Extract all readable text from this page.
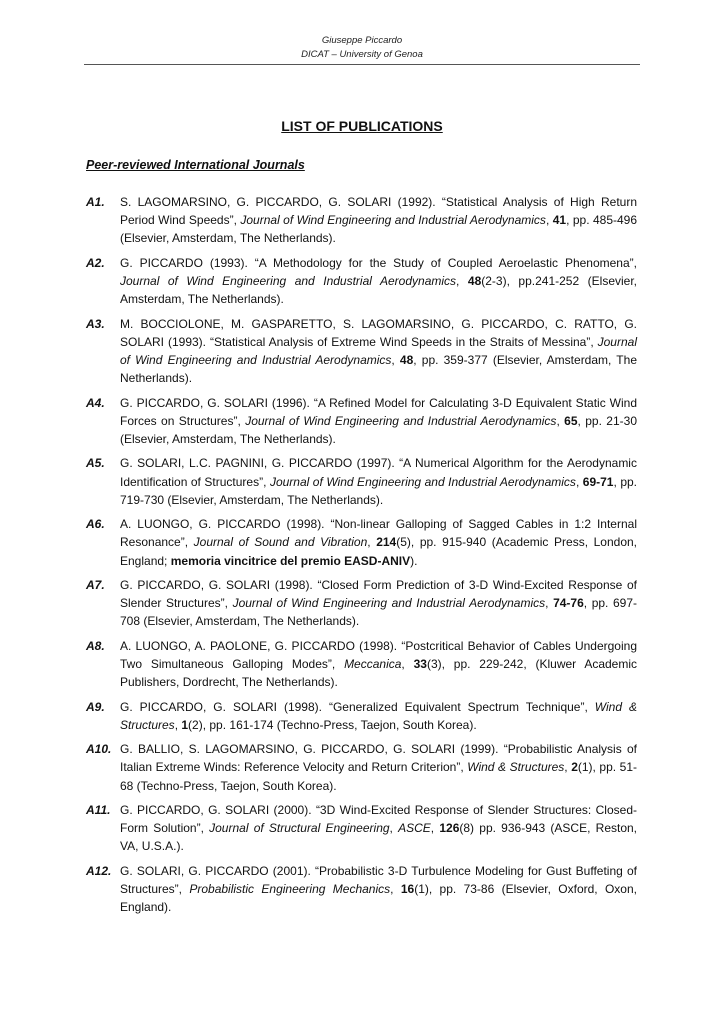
Giuseppe Piccardo
DICAT – University of Genoa
LIST OF PUBLICATIONS
Peer-reviewed International Journals
A1.	S. LAGOMARSINO, G. PICCARDO, G. SOLARI (1992). “Statistical Analysis of High Return Period Wind Speeds”, Journal of Wind Engineering and Industrial Aerodynamics, 41, pp. 485-496 (Elsevier, Amsterdam, The Netherlands).
A2.	G. PICCARDO (1993). “A Methodology for the Study of Coupled Aeroelastic Phenomena”, Journal of Wind Engineering and Industrial Aerodynamics, 48(2-3), pp.241-252 (Elsevier, Amsterdam, The Netherlands).
A3.	M. BOCCIOLONE, M. GASPARETTO, S. LAGOMARSINO, G. PICCARDO, C. RATTO, G. SOLARI (1993). “Statistical Analysis of Extreme Wind Speeds in the Straits of Messina”, Journal of Wind Engineering and Industrial Aerodynamics, 48, pp. 359-377 (Elsevier, Amsterdam, The Netherlands).
A4.	G. PICCARDO, G. SOLARI (1996). “A Refined Model for Calculating 3-D Equivalent Static Wind Forces on Structures”, Journal of Wind Engineering and Industrial Aerodynamics, 65, pp. 21-30 (Elsevier, Amsterdam, The Netherlands).
A5.	G. SOLARI, L.C. PAGNINI, G. PICCARDO (1997). “A Numerical Algorithm for the Aerodynamic Identification of Structures”, Journal of Wind Engineering and Industrial Aerodynamics, 69-71, pp. 719-730 (Elsevier, Amsterdam, The Netherlands).
A6.	A. LUONGO, G. PICCARDO (1998). “Non-linear Galloping of Sagged Cables in 1:2 Internal Resonance”, Journal of Sound and Vibration, 214(5), pp. 915-940 (Academic Press, London, England; memoria vincitrice del premio EASD-ANIV).
A7.	G. PICCARDO, G. SOLARI (1998). “Closed Form Prediction of 3-D Wind-Excited Response of Slender Structures”, Journal of Wind Engineering and Industrial Aerodynamics, 74-76, pp. 697-708 (Elsevier, Amsterdam, The Netherlands).
A8.	A. LUONGO, A. PAOLONE, G. PICCARDO (1998). “Postcritical Behavior of Cables Undergoing Two Simultaneous Galloping Modes”, Meccanica, 33(3), pp. 229-242, (Kluwer Academic Publishers, Dordrecht, The Netherlands).
A9.	G. PICCARDO, G. SOLARI (1998). “Generalized Equivalent Spectrum Technique”, Wind & Structures, 1(2), pp. 161-174 (Techno-Press, Taejon, South Korea).
A10. G. BALLIO, S. LAGOMARSINO, G. PICCARDO, G. SOLARI (1999). “Probabilistic Analysis of Italian Extreme Winds: Reference Velocity and Return Criterion”, Wind & Structures, 2(1), pp. 51-68 (Techno-Press, Taejon, South Korea).
A11. G. PICCARDO, G. SOLARI (2000). “3D Wind-Excited Response of Slender Structures: Closed-Form Solution”, Journal of Structural Engineering, ASCE, 126(8) pp. 936-943 (ASCE, Reston, VA, U.S.A.).
A12. G. SOLARI, G. PICCARDO (2001). “Probabilistic 3-D Turbulence Modeling for Gust Buffeting of Structures”, Probabilistic Engineering Mechanics, 16(1), pp. 73-86 (Elsevier, Oxford, Oxon, England).
